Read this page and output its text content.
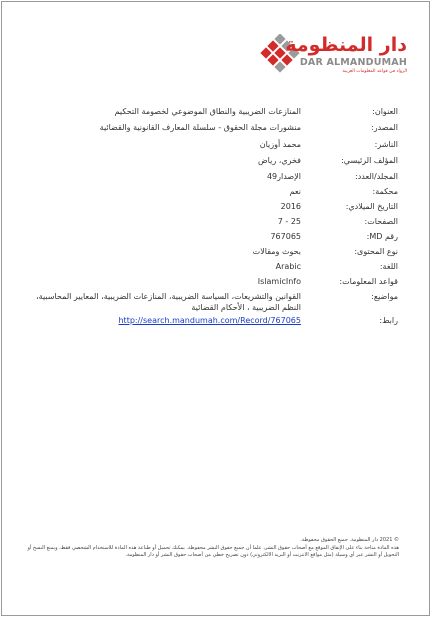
دار المنظومة
DAR ALMANDUMAH
الرواد في قواعد المعلومات العربية
العنوان:
المنازعات الضريبية والنطاق الموضوعي لخصومة التحكيم
المصدر:
منشورات مجلة الحقوق - سلسلة المعارف القانونية والقضائية
الناشر:
محمد أوزيان
المؤلف الرئيسي:
فخري، رياض
المجلد/العدد:
الإصدار49
محكمة:
نعم
التاريخ الميلادي:
2016
الصفحات:
25 - 7
رقم MD:
767065
نوع المحتوى:
بحوث ومقالات
اللغة:
Arabic
قواعد المعلومات:
IslamicInfo
مواضيع:
القوانين والتشريعات، السياسة الضريبية، المنازعات الضريبية، المعايير المحاسبية، النظم الضريبية ، الأحكام القضائية
رابط:
http://search.mandumah.com/Record/767065
© 2021 دار المنظومة. جميع الحقوق محفوظة.
هذه المادة متاحة بناء على الإتفاق الموقع مع أصحاب حقوق النشر، علما أن جميع حقوق النشر محفوظة. يمكنك تحميل أو طباعة هذه المادة للاستخدام الشخصي فقط، ويمنع النسخ أو التحويل أو النشر عبر أي وسيلة (مثل مواقع الانترنت أو البريد الالكتروني) دون تصريح خطي من أصحاب حقوق النشر أو دار المنظومة.
